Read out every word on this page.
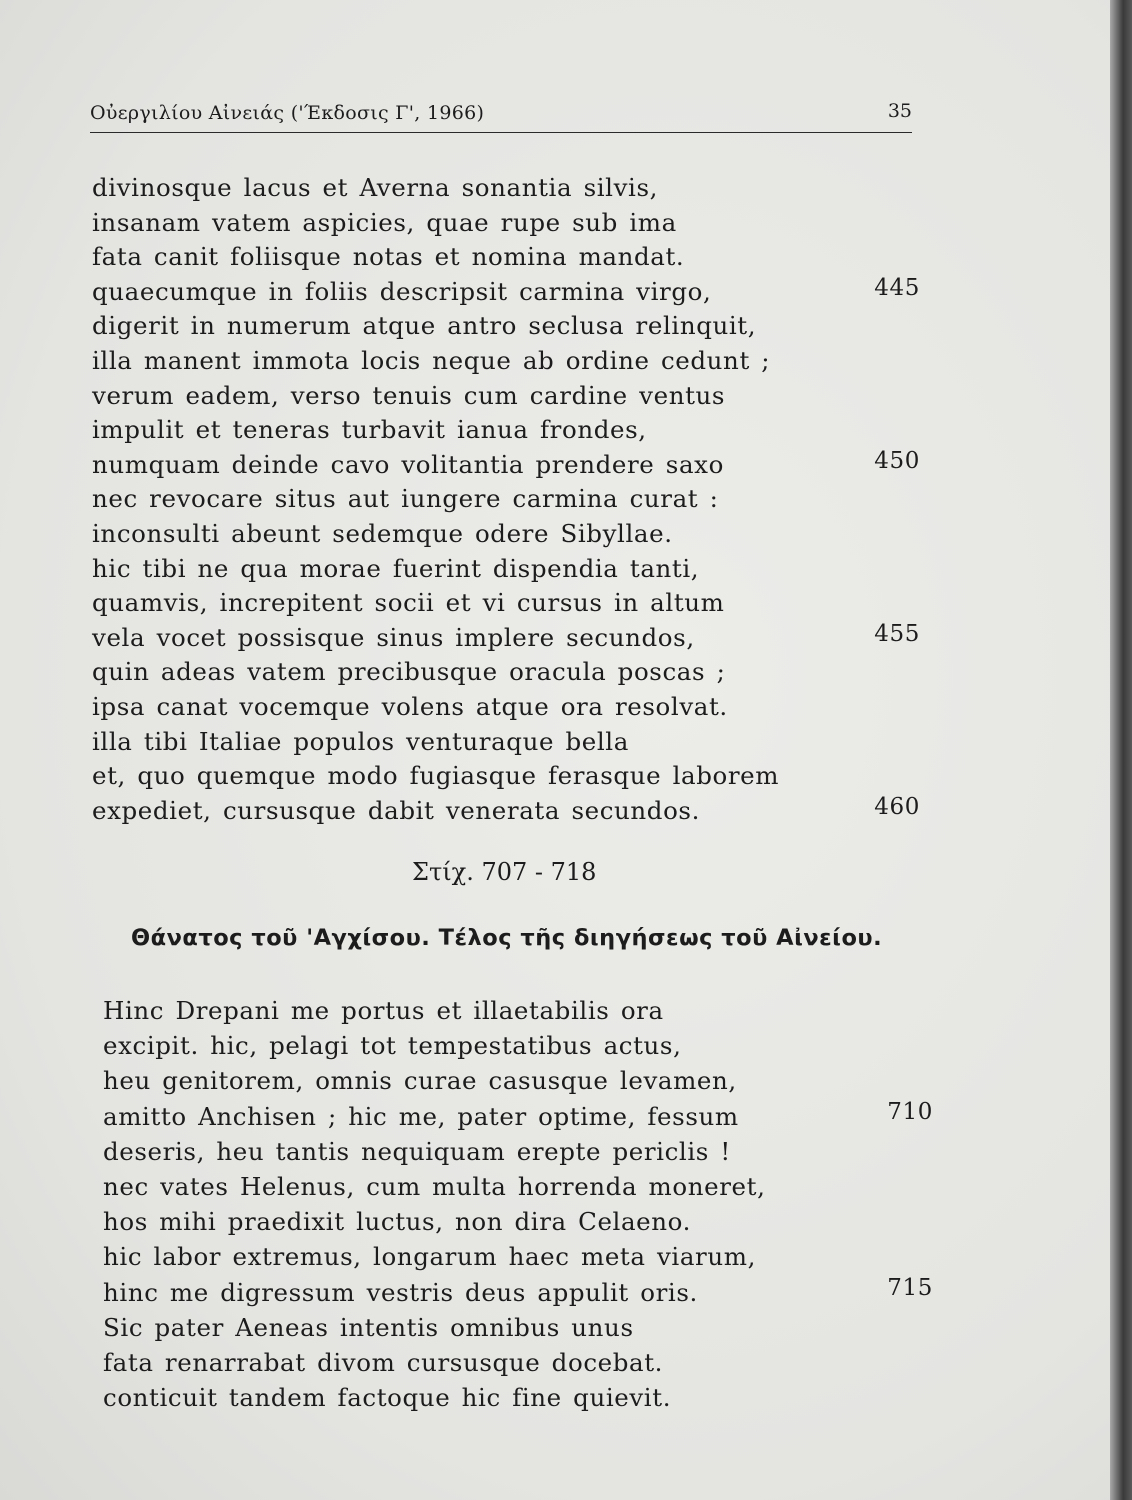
Οὐεργιλίου Αἰνειάς ('Έκδοσις Γ', 1966)	35
divinosque lacus et Averna sonantia silvis,
insanam vatem aspicies, quae rupe sub ima
fata canit foliisque notas et nomina mandat.
quaecumque in foliis descripsit carmina virgo,	445
digerit in numerum atque antro seclusa relinquit,
illa manent immota locis neque ab ordine cedunt ;
verum eadem, verso tenuis cum cardine ventus
impulit et teneras turbavit ianua frondes,
numquam deinde cavo volitantia prendere saxo	450
nec revocare situs aut iungere carmina curat :
inconsulti abeunt sedemque odere Sibyllae.
hic tibi ne qua morae fuerint dispendia tanti,
quamvis, increpitent socii et vi cursus in altum
vela vocet possisque sinus implere secundos,	455
quin adeas vatem precibusque oracula poscas ;
ipsa canat vocemque volens atque ora resolvat.
illa tibi Italiae populos venturaque bella
et, quo quemque modo fugiasque ferasque laborem
expediet, cursusque dabit venerata secundos.	460
Στίχ. 707 - 718
Θάνατος τοῦ 'Αγχίσου. Τέλος τῆς διηγήσεως τοῦ Αἰνείου.
Hinc Drepani me portus et illaetabilis ora
excipit. hic, pelagi tot tempestatibus actus,
heu genitorem, omnis curae casusque levamen,
amitto Anchisen ; hic me, pater optime, fessum	710
deseris, heu tantis nequiquam erepte periclis !
nec vates Helenus, cum multa horrenda moneret,
hos mihi praedixit luctus, non dira Celaeno.
hic labor extremus, longarum haec meta viarum,
hinc me digressum vestris deus appulit oris.	715
Sic pater Aeneas intentis omnibus unus
fata renarrabat divom cursusque docebat.
conticuit tandem factoque hic fine quievit.
